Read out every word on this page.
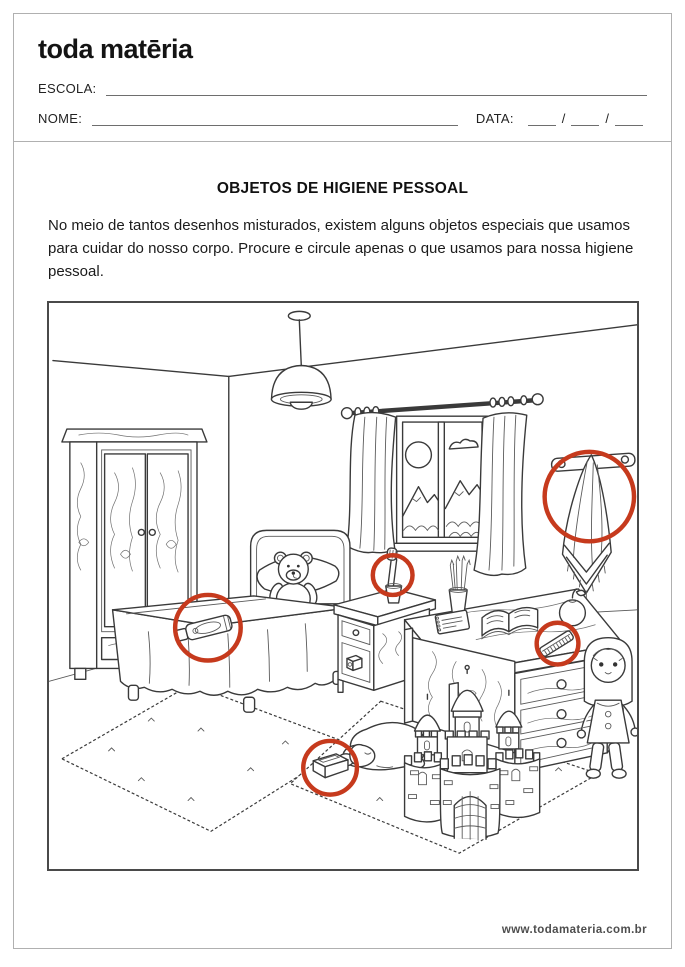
toda matēria
ESCOLA:
NOME:	DATA:	/	/
OBJETOS DE HIGIENE PESSOAL

No meio de tantos desenhos misturados, existem alguns objetos especiais que usamos para cuidar do nosso corpo. Procure e circule apenas o que usamos para nossa higiene pessoal.

www.todamateria.com.br
